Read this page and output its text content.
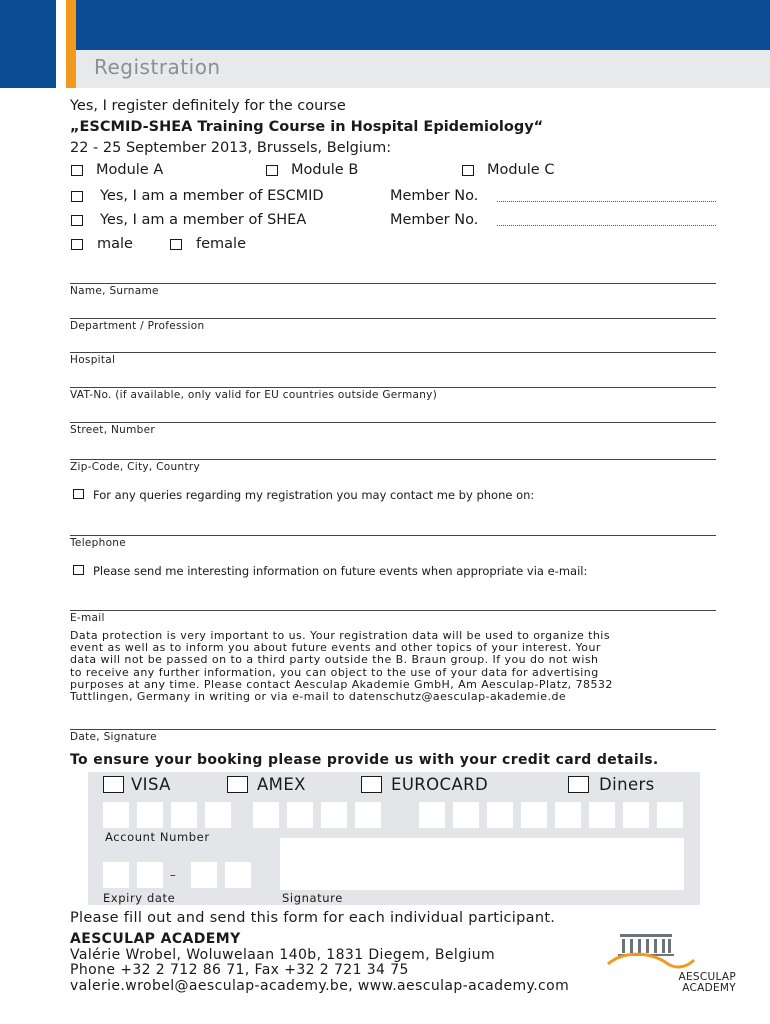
Registration
Yes, I register definitely for the course
„ESCMID-SHEA Training Course in Hospital Epidemiology“
22 - 25 September 2013, Brussels, Belgium:
Module A	Module B	Module C
Yes, I am a member of ESCMID	Member No.
Yes, I am a member of SHEA	Member No.
male	female
Name, Surname
Department / Profession
Hospital
VAT-No. (if available, only valid for EU countries outside Germany)
Street, Number
Zip-Code, City, Country
For any queries regarding my registration you may contact me by phone on:
Telephone
Please send me interesting information on future events when appropriate via e-mail:
E-mail

Data protection is very important to us. Your registration data will be used to organize this

event as well as to inform you about future events and other topics of your interest. Your

data will not be passed on to a third party outside the B. Braun group. If you do not wish

to receive any further information, you can object to the use of your data for advertising

purposes at any time. Please contact Aesculap Akademie GmbH, Am Aesculap-Platz, 78532

Tuttlingen, Germany in writing or via e-mail to datenschutz@aesculap-akademie.de

Date, Signature
To ensure your booking please provide us with your credit card details.
VISA	AMEX	EUROCARD	Diners
Account Number
–
Expiry date	Signature
Please fill out and send this form for each individual participant.
AESCULAP ACADEMY
Valérie Wrobel, Woluwelaan 140b, 1831 Diegem, Belgium
Phone +32 2 712 86 71, Fax +32 2 721 34 75
valerie.wrobel@aesculap-academy.be, www.aesculap-academy.com
AESCULAP
ACADEMY
